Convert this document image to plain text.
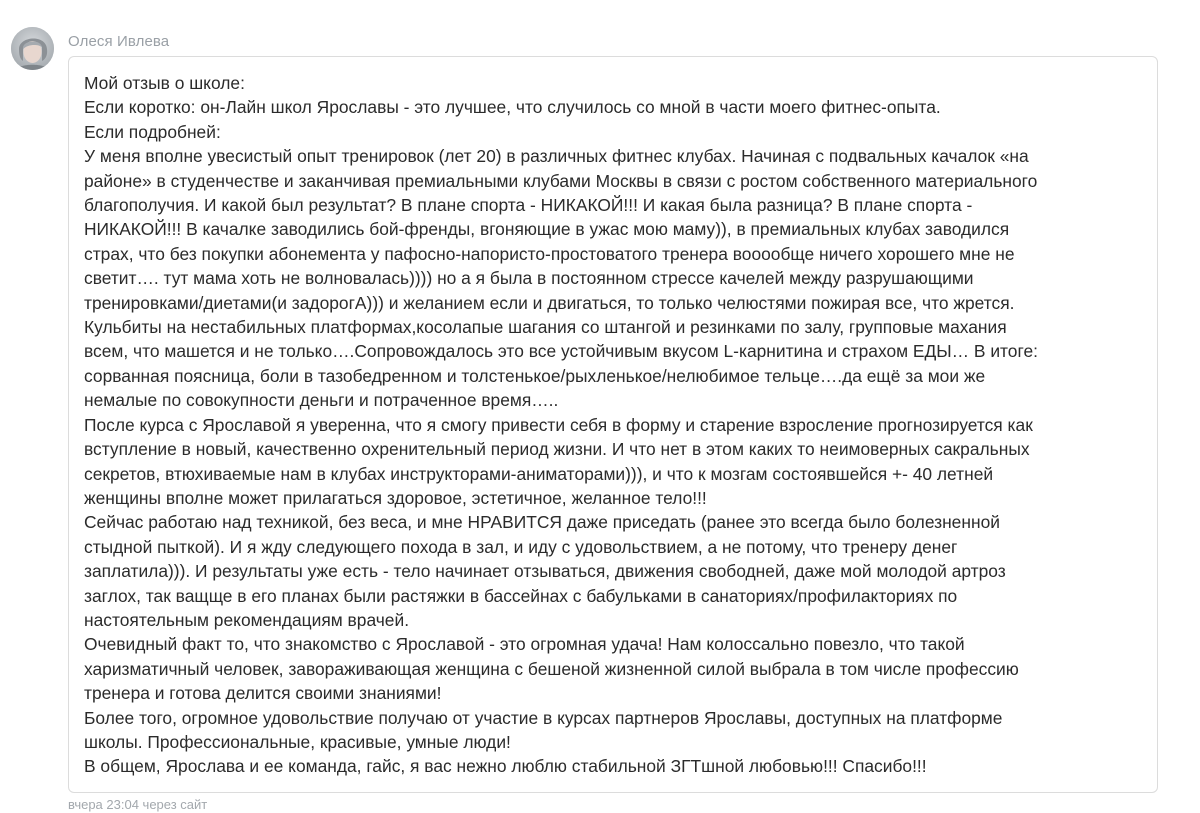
Олеся Ивлева
Мой отзыв о школе:
Если коротко: он-Лайн школ Ярославы - это лучшее, что случилось со мной в части моего фитнес-опыта.
Если подробней:
У меня вполне увесистый опыт тренировок (лет 20) в различных фитнес клубах. Начиная с подвальных качалок «на
районе» в студенчестве и заканчивая премиальными клубами Москвы в связи с ростом собственного материального
благополучия. И какой был результат? В плане спорта - НИКАКОЙ!!! И какая была разница? В плане спорта -
НИКАКОЙ!!! В качалке заводились бой-френды, вгоняющие в ужас мою маму)), в премиальных клубах заводился
страх, что без покупки абонемента у пафосно-напористо-простоватого тренера вооообще ничего хорошего мне не
светит…. тут мама хоть не волновалась)))) но а я была в постоянном стрессе качелей между разрушающими
тренировками/диетами(и задорогА))) и желанием если и двигаться, то только челюстями пожирая все, что жрется.
Кульбиты на нестабильных платформах,косолапые шагания со штангой и резинками по залу, групповые махания
всем, что машется и не только….Сопровождалось это все устойчивым вкусом L-карнитина и страхом ЕДЫ… В итоге:
сорванная поясница, боли в тазобедренном и толстенькое/рыхленькое/нелюбимое тельце….да ещё за мои же
немалые по совокупности деньги и потраченное время…..
После курса с Ярославой я уверенна, что я смогу привести себя в форму и старение взросление прогнозируется как
вступление в новый, качественно охренительный период жизни. И что нет в этом каких то неимоверных сакральных
секретов, втюхиваемые нам в клубах инструкторами-аниматорами))), и что к мозгам состоявшейся +- 40 летней
женщины вполне может прилагаться здоровое, эстетичное, желанное тело!!!
Сейчас работаю над техникой, без веса, и мне НРАВИТСЯ даже приседать (ранее это всегда было болезненной
стыдной пыткой). И я жду следующего похода в зал, и иду с удовольствием, а не потому, что тренеру денег
заплатила))). И результаты уже есть - тело начинает отзываться, движения свободней, даже мой молодой артроз
заглох, так ващще в его планах были растяжки в бассейнах с бабульками в санаториях/профилакториях по
настоятельным рекомендациям врачей.
Очевидный факт то, что знакомство с Ярославой - это огромная удача! Нам колоссально повезло, что такой
харизматичный человек, завораживающая женщина с бешеной жизненной силой выбрала в том числе профессию
тренера и готова делится своими знаниями!
Более того, огромное удовольствие получаю от участие в курсах партнеров Ярославы, доступных на платформе
школы. Профессиональные, красивые, умные люди!
В общем, Ярослава и ее команда, гайс, я вас нежно люблю стабильной ЗГТшной любовью!!! Спасибо!!!
вчера 23:04 через сайт
